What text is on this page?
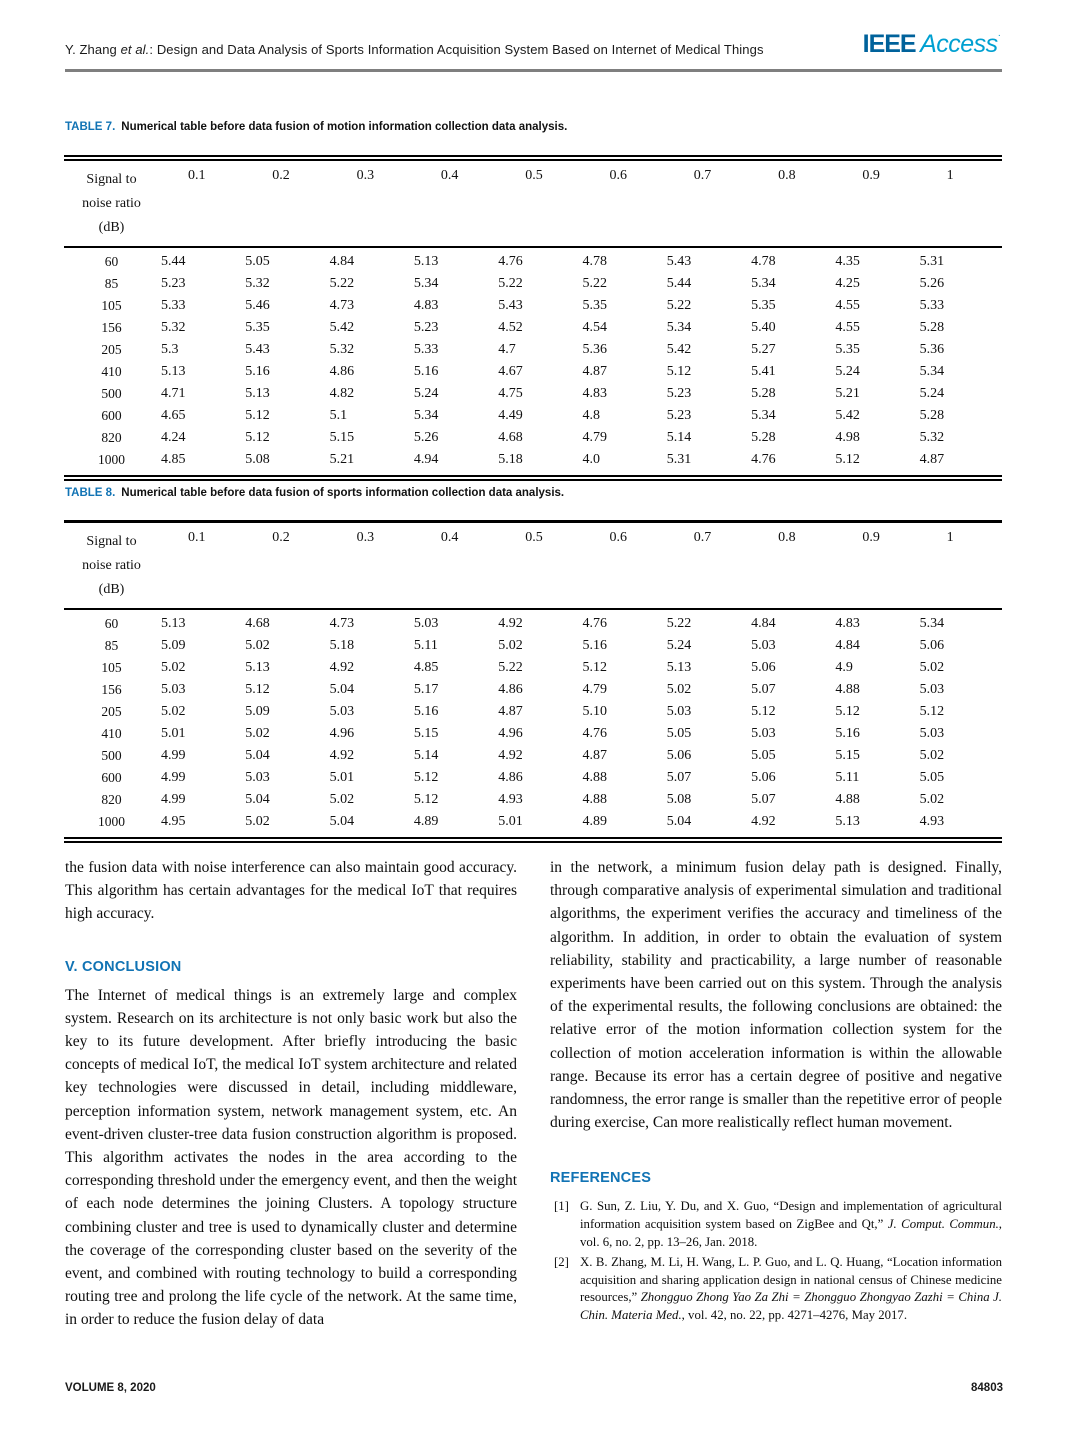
Y. Zhang et al.: Design and Data Analysis of Sports Information Acquisition System Based on Internet of Medical Things	IEEE Access·
TABLE 7. Numerical table before data fusion of motion information collection data analysis.
Signal to
noise ratio
(dB)	0.1	0.2	0.3	0.4	0.5	0.6	0.7	0.8	0.9	1
60	5.44	5.05	4.84	5.13	4.76	4.78	5.43	4.78	4.35	5.31
85	5.23	5.32	5.22	5.34	5.22	5.22	5.44	5.34	4.25	5.26
105	5.33	5.46	4.73	4.83	5.43	5.35	5.22	5.35	4.55	5.33
156	5.32	5.35	5.42	5.23	4.52	4.54	5.34	5.40	4.55	5.28
205	5.3	5.43	5.32	5.33	4.7	5.36	5.42	5.27	5.35	5.36
410	5.13	5.16	4.86	5.16	4.67	4.87	5.12	5.41	5.24	5.34
500	4.71	5.13	4.82	5.24	4.75	4.83	5.23	5.28	5.21	5.24
600	4.65	5.12	5.1	5.34	4.49	4.8	5.23	5.34	5.42	5.28
820	4.24	5.12	5.15	5.26	4.68	4.79	5.14	5.28	4.98	5.32
1000	4.85	5.08	5.21	4.94	5.18	4.0	5.31	4.76	5.12	4.87
TABLE 8. Numerical table before data fusion of sports information collection data analysis.
Signal to
noise ratio
(dB)	0.1	0.2	0.3	0.4	0.5	0.6	0.7	0.8	0.9	1
60	5.13	4.68	4.73	5.03	4.92	4.76	5.22	4.84	4.83	5.34
85	5.09	5.02	5.18	5.11	5.02	5.16	5.24	5.03	4.84	5.06
105	5.02	5.13	4.92	4.85	5.22	5.12	5.13	5.06	4.9	5.02
156	5.03	5.12	5.04	5.17	4.86	4.79	5.02	5.07	4.88	5.03
205	5.02	5.09	5.03	5.16	4.87	5.10	5.03	5.12	5.12	5.12
410	5.01	5.02	4.96	5.15	4.96	4.76	5.05	5.03	5.16	5.03
500	4.99	5.04	4.92	5.14	4.92	4.87	5.06	5.05	5.15	5.02
600	4.99	5.03	5.01	5.12	4.86	4.88	5.07	5.06	5.11	5.05
820	4.99	5.04	5.02	5.12	4.93	4.88	5.08	5.07	4.88	5.02
1000	4.95	5.02	5.04	4.89	5.01	4.89	5.04	4.92	5.13	4.93

the fusion data with noise interference can also maintain good accuracy. This algorithm has certain advantages for the medical IoT that requires high accuracy.

V. CONCLUSION

The Internet of medical things is an extremely large and complex system. Research on its architecture is not only basic work but also the key to its future development. After briefly introducing the basic concepts of medical IoT, the medical IoT system architecture and related key technologies were discussed in detail, including middleware, perception information system, network management system, etc. An event-driven cluster-tree data fusion construction algorithm is proposed. This algorithm activates the nodes in the area according to the corresponding threshold under the emergency event, and then the weight of each node determines the joining Clusters. A topology structure combining cluster and tree is used to dynamically cluster and determine the coverage of the corresponding cluster based on the severity of the event, and combined with routing technology to build a corresponding routing tree and prolong the life cycle of the network. At the same time, in order to reduce the fusion delay of data

in the network, a minimum fusion delay path is designed. Finally, through comparative analysis of experimental simulation and traditional algorithms, the experiment verifies the accuracy and timeliness of the algorithm. In addition, in order to obtain the evaluation of system reliability, stability and practicability, a large number of reasonable experiments have been carried out on this system. Through the analysis of the experimental results, the following conclusions are obtained: the relative error of the motion information collection system for the collection of motion acceleration information is within the allowable range. Because its error has a certain degree of positive and negative randomness, the error range is smaller than the repetitive error of people during exercise, Can more realistically reflect human movement.

REFERENCES
[1] G. Sun, Z. Liu, Y. Du, and X. Guo, “Design and implementation of agricultural information acquisition system based on ZigBee and Qt,” J. Comput. Commun., vol. 6, no. 2, pp. 13–26, Jan. 2018.
[2] X. B. Zhang, M. Li, H. Wang, L. P. Guo, and L. Q. Huang, “Location information acquisition and sharing application design in national census of Chinese medicine resources,” Zhongguo Zhong Yao Za Zhi = Zhongguo Zhongyao Zazhi = China J. Chin. Materia Med., vol. 42, no. 22, pp. 4271–4276, May 2017.
VOLUME 8, 2020	84803
